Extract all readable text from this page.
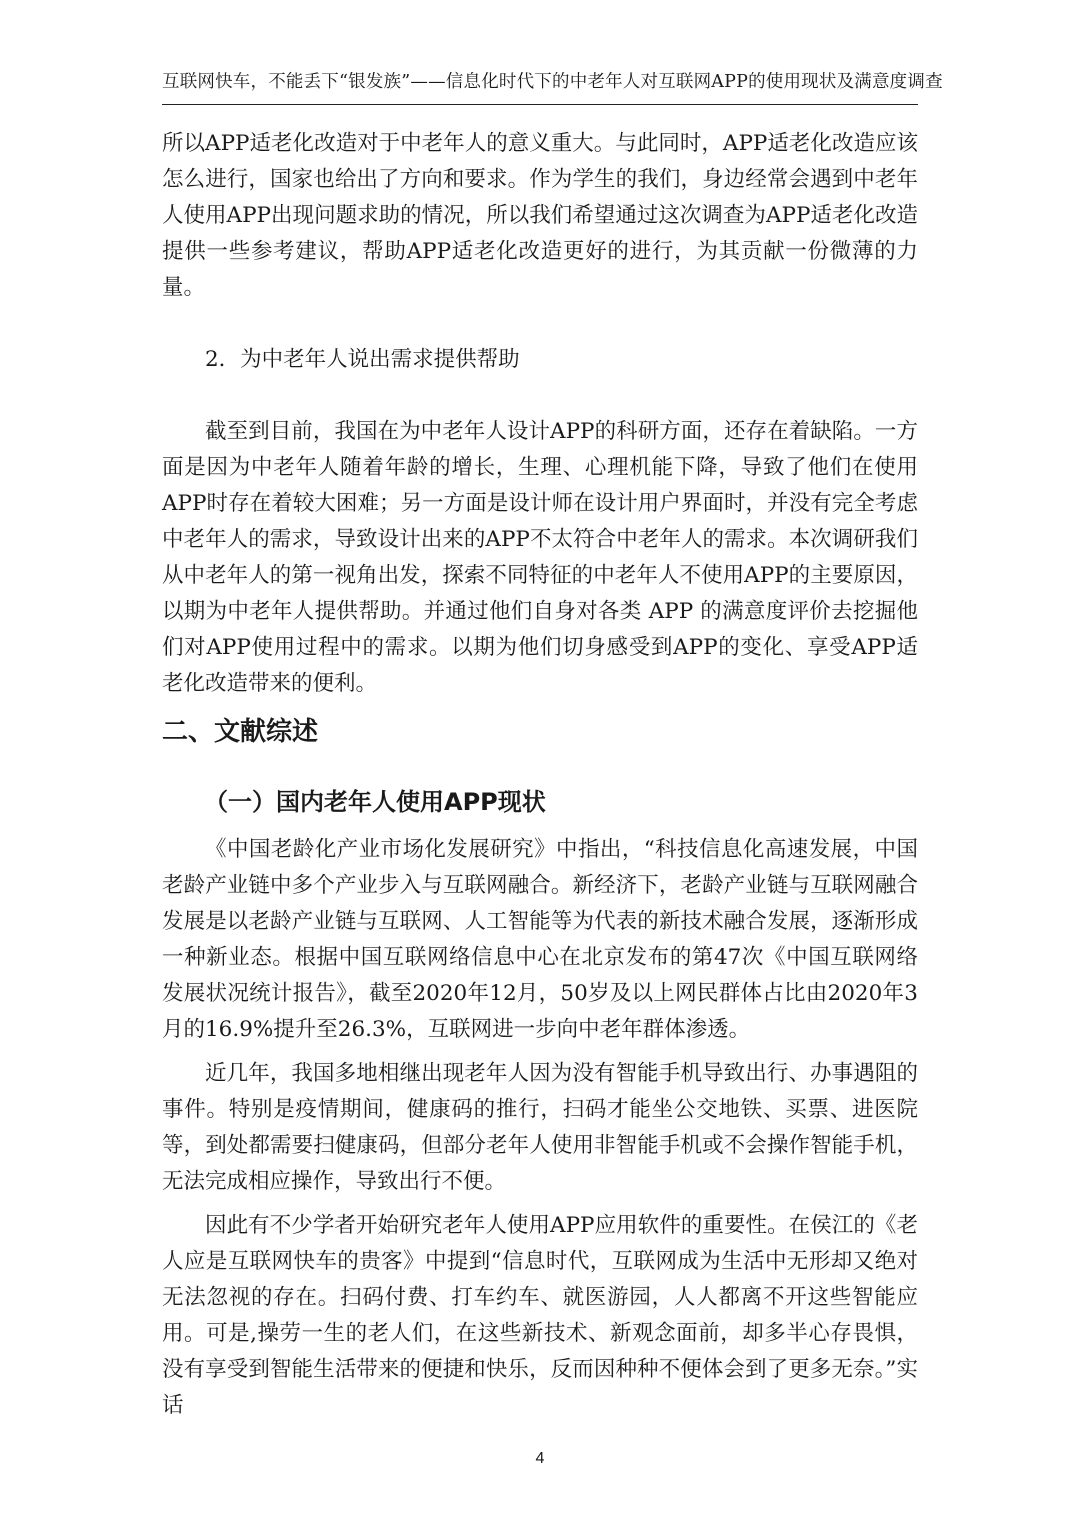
互联网快车，不能丢下“银发族”——信息化时代下的中老年人对互联网APP的使用现状及满意度调查

所以APP适老化改造对于中老年人的意义重大。与此同时，APP适老化改造应该怎么进行，国家也给出了方向和要求。作为学生的我们，身边经常会遇到中老年人使用APP出现问题求助的情况，所以我们希望通过这次调查为APP适老化改造提供一些参考建议，帮助APP适老化改造更好的进行，为其贡献一份微薄的力量。

2．为中老年人说出需求提供帮助

截至到目前，我国在为中老年人设计APP的科研方面，还存在着缺陷。一方面是因为中老年人随着年龄的增长，生理、心理机能下降，导致了他们在使用APP时存在着较大困难；另一方面是设计师在设计用户界面时，并没有完全考虑中老年人的需求，导致设计出来的APP不太符合中老年人的需求。本次调研我们从中老年人的第一视角出发，探索不同特征的中老年人不使用APP的主要原因，以期为中老年人提供帮助。并通过他们自身对各类 APP 的满意度评价去挖掘他们对APP使用过程中的需求。以期为他们切身感受到APP的变化、享受APP适老化改造带来的便利。

二、文献综述
（一）国内老年人使用APP现状

《中国老龄化产业市场化发展研究》中指出，“科技信息化高速发展，中国老龄产业链中多个产业步入与互联网融合。新经济下，老龄产业链与互联网融合发展是以老龄产业链与互联网、人工智能等为代表的新技术融合发展，逐渐形成一种新业态。根据中国互联网络信息中心在北京发布的第47次《中国互联网络发展状况统计报告》，截至2020年12月，50岁及以上网民群体占比由2020年3月的16.9%提升至26.3%，互联网进一步向中老年群体渗透。

近几年，我国多地相继出现老年人因为没有智能手机导致出行、办事遇阻的事件。特别是疫情期间，健康码的推行，扫码才能坐公交地铁、买票、进医院等，到处都需要扫健康码，但部分老年人使用非智能手机或不会操作智能手机，无法完成相应操作，导致出行不便。

因此有不少学者开始研究老年人使用APP应用软件的重要性。在侯江的《老人应是互联网快车的贵客》中提到“信息时代，互联网成为生活中无形却又绝对无法忽视的存在。扫码付费、打车约车、就医游园，人人都离不开这些智能应用。可是,操劳一生的老人们，在这些新技术、新观念面前，却多半心存畏惧，没有享受到智能生活带来的便捷和快乐，反而因种种不便体会到了更多无奈。”实话

4
